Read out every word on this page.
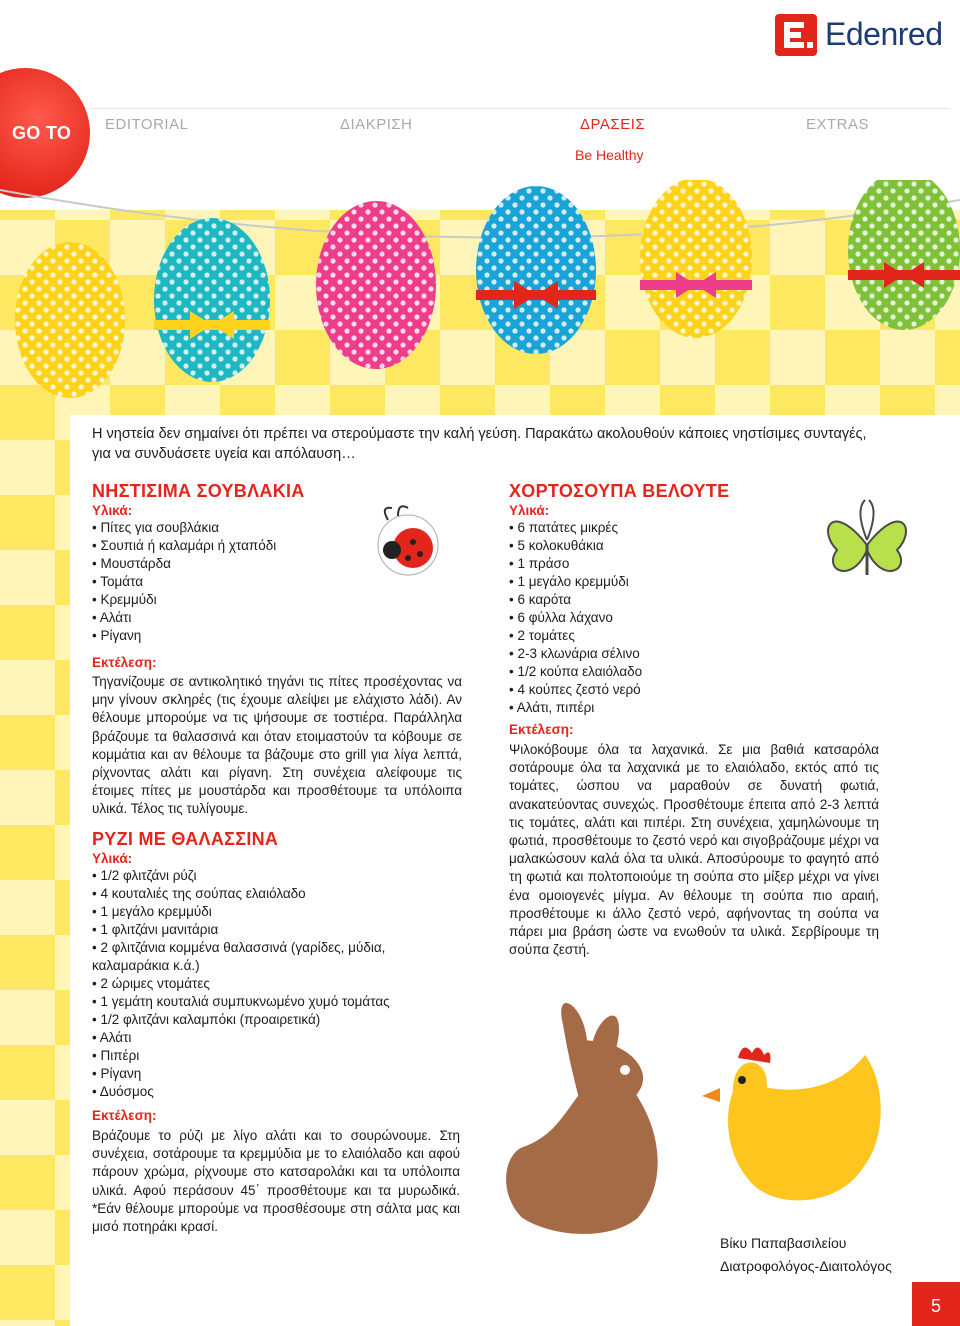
GO TO EDITORIAL	ΔΙΑΚΡΙΣΗ	ΔΡΑΣΕΙΣ	EXTRAS
Be Healthy
Edenred
Η νηστεία δεν σημαίνει ότι πρέπει να στερούμαστε την καλή γεύση. Παρακάτω ακολουθούν κάποιες νηστίσιμες συνταγές, για να συνδυάσετε υγεία και απόλαυση…
ΝΗΣΤΙΣΙΜΑ ΣΟΥΒΛΑΚΙΑ
Υλικά:
• Πίτες για σουβλάκια
• Σουπιά ή καλαμάρι ή χταπόδι
• Μουστάρδα
• Τομάτα
• Κρεμμύδι
• Αλάτι
• Ρίγανη
Εκτέλεση:
Τηγανίζουμε σε αντικολητικό τηγάνι τις πίτες προσέχοντας να μην γίνουν σκληρές (τις έχουμε αλείψει με ελάχιστο λάδι). Αν θέλουμε μπορούμε να τις ψήσουμε σε τοστιέρα. Παράλληλα βράζουμε τα θαλασσινά και όταν ετοιμαστούν τα κόβουμε σε κομμάτια και αν θέλουμε τα βάζουμε στο grill για λίγα λεπτά, ρίχνοντας αλάτι και ρίγανη. Στη συνέχεια αλείφουμε τις έτοιμες πίτες με μουστάρδα και προσθέτουμε τα υπόλοιπα υλικά. Τέλος τις τυλίγουμε.
ΡΥΖΙ ΜΕ ΘΑΛΑΣΣΙΝΑ
Υλικά:
• 1/2 φλιτζάνι ρύζι
• 4 κουταλιές της σούπας ελαιόλαδο
• 1 μεγάλο κρεμμύδι
• 1 φλιτζάνι μανιτάρια
• 2 φλιτζάνια κομμένα θαλασσινά (γαρίδες, μύδια, καλαμαράκια κ.ά.)
• 2 ώριμες ντομάτες
• 1 γεμάτη κουταλιά συμπυκνωμένο χυμό τομάτας
• 1/2 φλιτζάνι καλαμπόκι (προαιρετικά)
• Αλάτι
• Πιπέρι
• Ρίγανη
• Δυόσμος
Εκτέλεση:
Βράζουμε το ρύζι με λίγο αλάτι και το σουρώνουμε. Στη συνέχεια, σοτάρουμε τα κρεμμύδια με το ελαιόλαδο και αφού πάρουν χρώμα, ρίχνουμε στο κατσαρολάκι και τα υπόλοιπα υλικά. Αφού περάσουν 45΄ προσθέτουμε και τα μυρωδικά. *Εάν θέλουμε μπορούμε να προσθέσουμε στη σάλτα μας και μισό ποτηράκι κρασί.
ΧΟΡΤΟΣΟΥΠΑ ΒΕΛΟΥΤΕ
Υλικά:
• 6 πατάτες μικρές
• 5 κολοκυθάκια
• 1 πράσο
• 1 μεγάλο κρεμμύδι
• 6 καρότα
• 6 φύλλα λάχανο
• 2 τομάτες
• 2-3 κλωνάρια σέλινο
• 1/2 κούπα ελαιόλαδο
• 4 κούπες ζεστό νερό
• Αλάτι, πιπέρι
Εκτέλεση:
Ψιλοκόβουμε όλα τα λαχανικά. Σε μια βαθιά κατσαρόλα σοτάρουμε όλα τα λαχανικά με το ελαιόλαδο, εκτός από τις τομάτες, ώσπου να μαραθούν σε δυνατή φωτιά, ανακατεύοντας συνεχώς. Προσθέτουμε έπειτα από 2-3 λεπτά τις τομάτες, αλάτι και πιπέρι. Στη συνέχεια, χαμηλώνουμε τη φωτιά, προσθέτουμε το ζεστό νερό και σιγοβράζουμε μέχρι να μαλακώσουν καλά όλα τα υλικά. Αποσύρουμε το φαγητό από τη φωτιά και πολτοποιούμε τη σούπα στο μίξερ μέχρι να γίνει ένα ομοιογενές μίγμα. Αν θέλουμε τη σούπα πιο αραιή, προσθέτουμε κι άλλο ζεστό νερό, αφήνοντας τη σούπα να πάρει μια βράση ώστε να ενωθούν τα υλικά. Σερβίρουμε τη σούπα ζεστή.
Βίκυ Παπαβασιλείου
Διατροφολόγος-Διαιτολόγος
5
